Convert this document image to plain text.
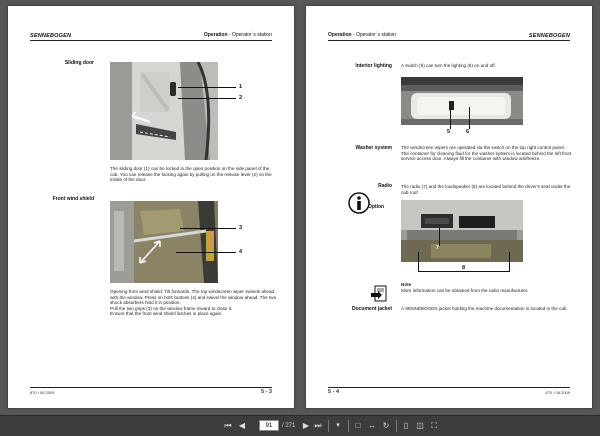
SENNEBOGEN	Operation - Operator´s station
Sliding door
1
2
The sliding door (1) can be locked in the open position on the side panel of the cab. You can release the locking again by pulling on the release lever (2) on the inside of the door.
Front wind shield
3
4
Opening front wind shield: Tilt forwards. The top windscreen wiper swivels ahead with the window. Press on both buttons (4) and swivel the window ahead. The two shock absorbers hold it in position.
Pull the two grips (3) on the window frame inward to close it.
Ensure that the front wind shield latches in place again.
870 / 08.2009	5 - 3
Operation - Operator´s station	SENNEBOGEN
Interior lighting A switch (5) can turn the lighting (6) on and off.
5	6
Washer system The windscreen wipers are operated via the switch on the top right control panel. The container for cleaning fluid for the washer system is located behind the left front service access door. Always fill the container with window antifreeze.
Radio
Option
The radio (7) and the loudspeaker (8) are located behind the driver's seat under the cab roof.
7
8
Note
More information can be obtained from the radio manufacturer.
Document jacket A SENNEBOGEN jacket holding the machine documentation is located in the cab.
5 - 4	870 / 08.2009
⏮ ◀	91	/ 271 ▶ ⏭	▾	□ ↔ ↻	▯	◫ ⛶
